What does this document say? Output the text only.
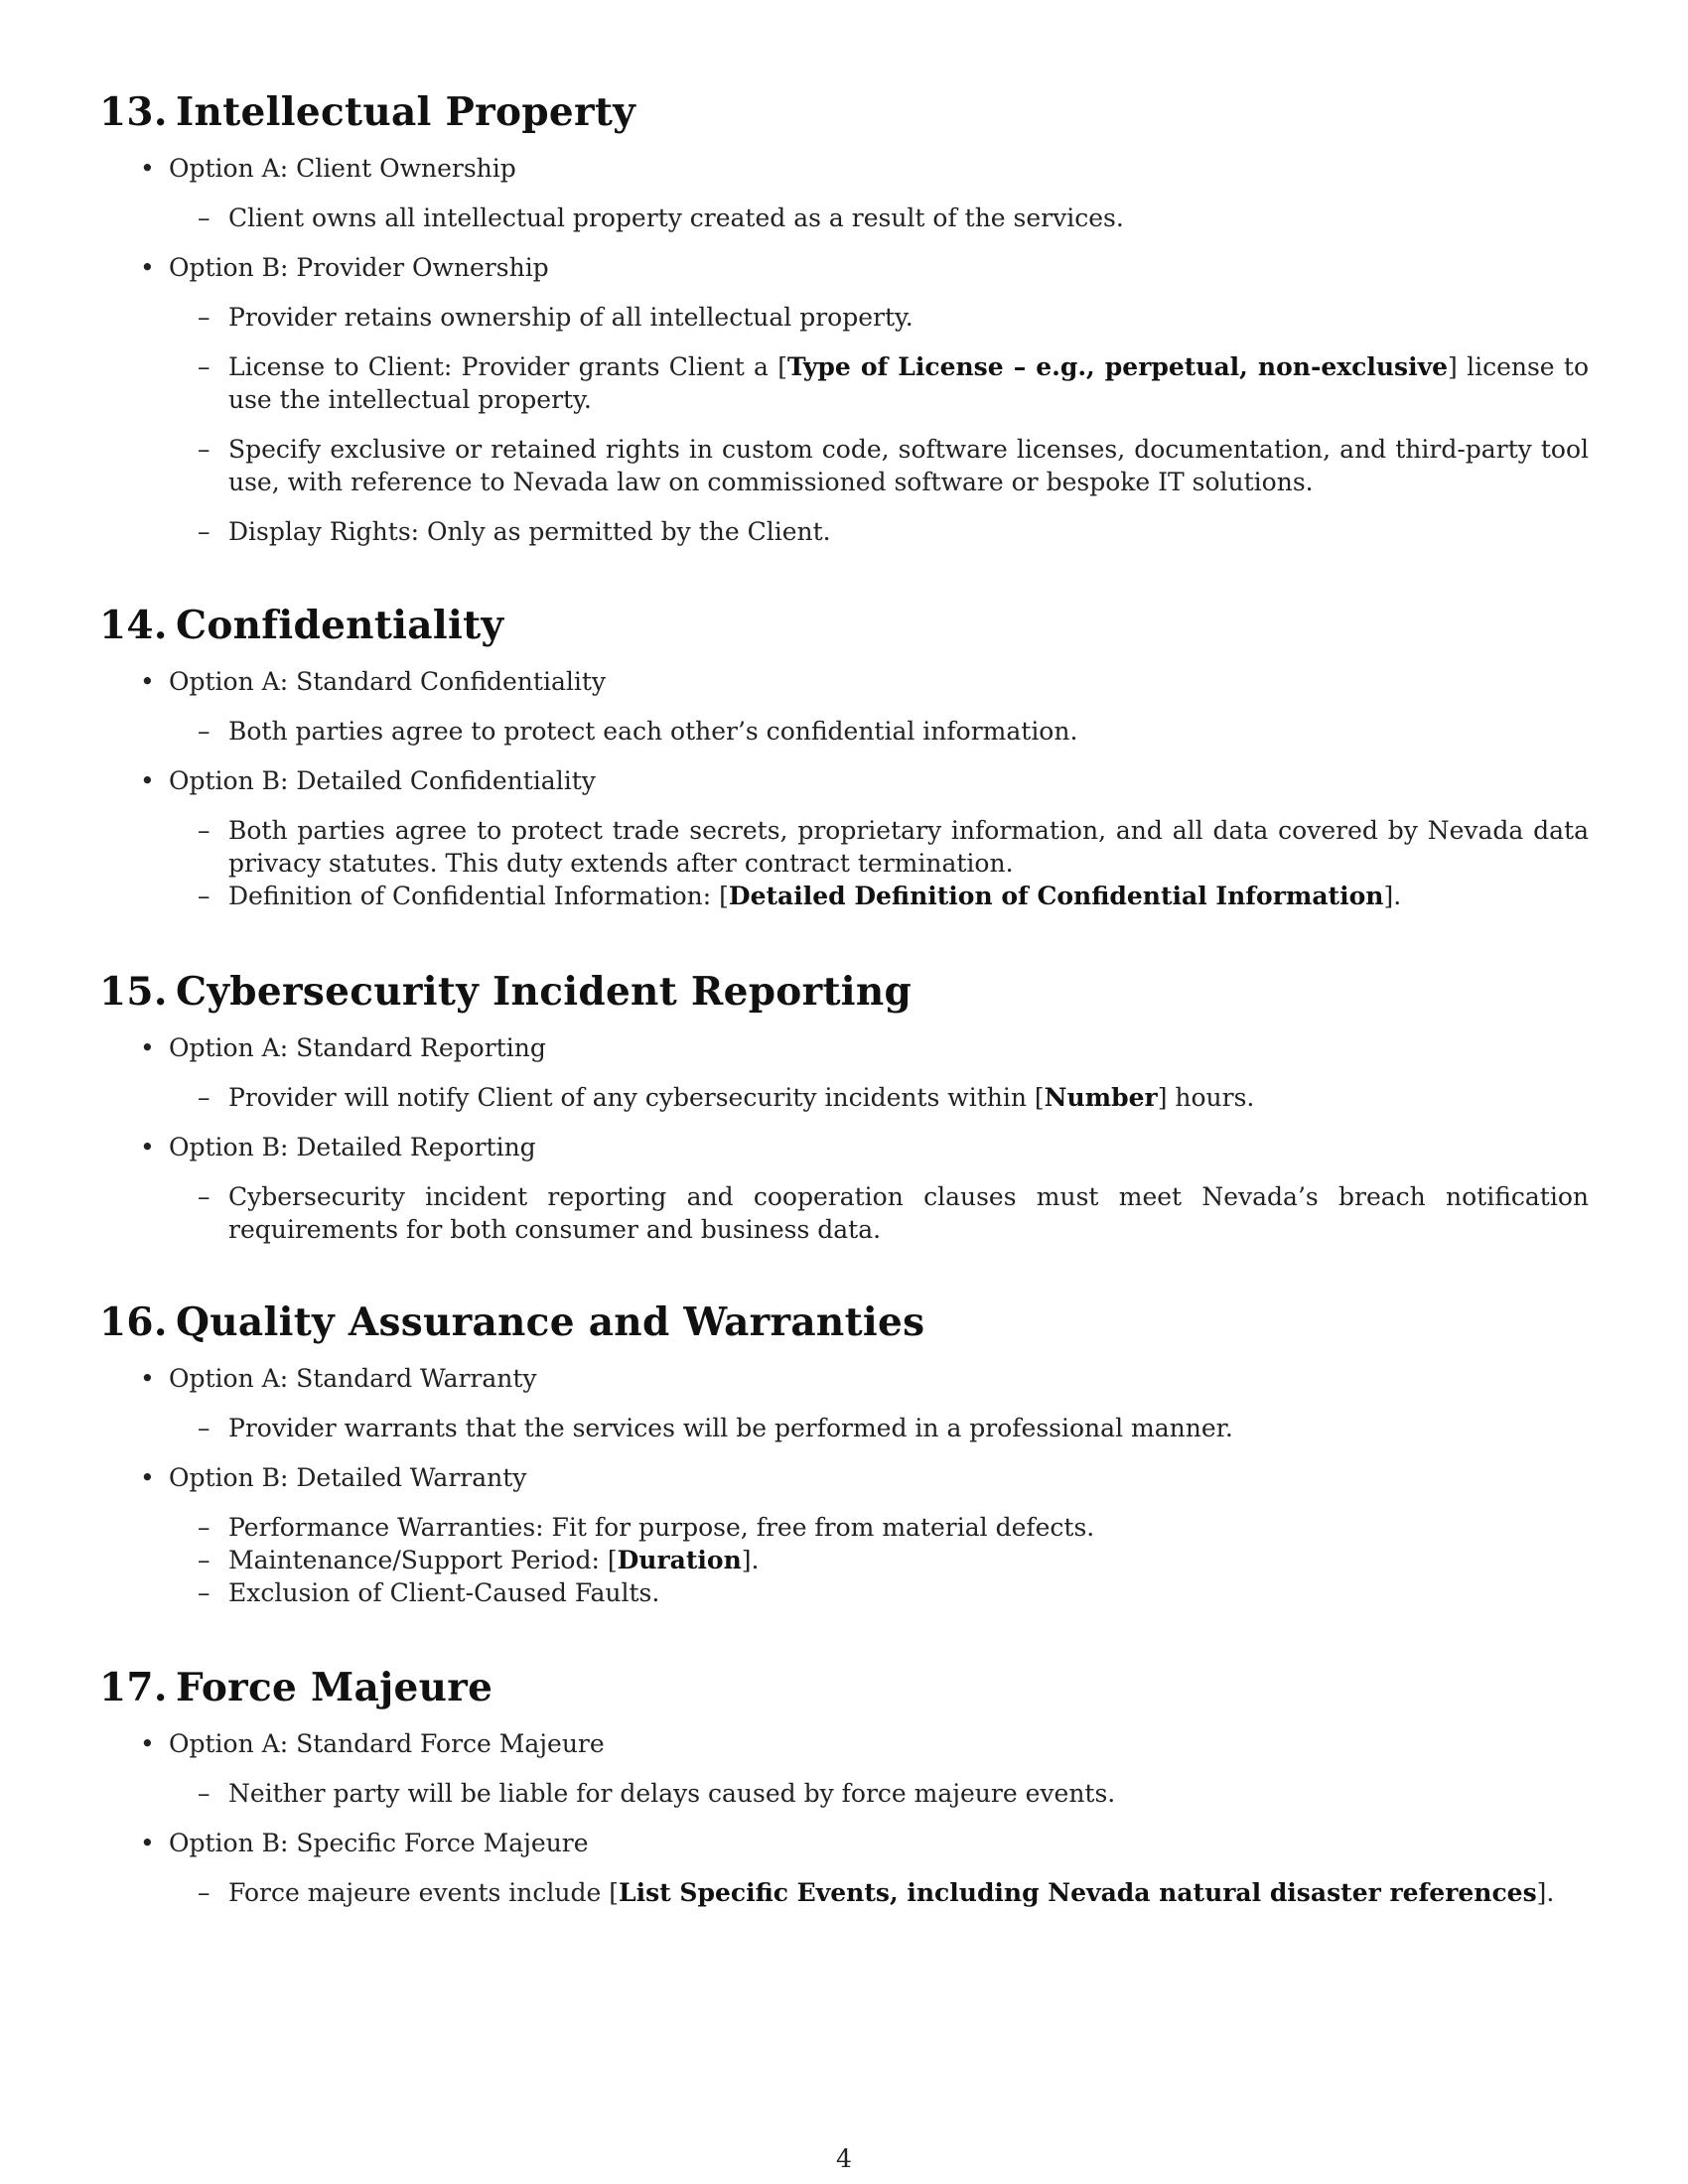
13. Intellectual Property
• Option A: Client Ownership
– Client owns all intellectual property created as a result of the services.
• Option B: Provider Ownership
– Provider retains ownership of all intellectual property.
– License to Client: Provider grants Client a [Type of License – e.g., perpetual, non-exclusive] license to use the intellectual property.
– Specify exclusive or retained rights in custom code, software licenses, documentation, and third-party tool use, with reference to Nevada law on commissioned software or bespoke IT solutions.
– Display Rights: Only as permitted by the Client.
14. Confidentiality
• Option A: Standard Confidentiality
– Both parties agree to protect each other’s confidential information.
• Option B: Detailed Confidentiality
– Both parties agree to protect trade secrets, proprietary information, and all data covered by Nevada data privacy statutes. This duty extends after contract termination.
– Definition of Confidential Information: [Detailed Definition of Confidential Information].
15. Cybersecurity Incident Reporting
• Option A: Standard Reporting
– Provider will notify Client of any cybersecurity incidents within [Number] hours.
• Option B: Detailed Reporting
– Cybersecurity incident reporting and cooperation clauses must meet Nevada’s breach notification requirements for both consumer and business data.
16. Quality Assurance and Warranties
• Option A: Standard Warranty
– Provider warrants that the services will be performed in a professional manner.
• Option B: Detailed Warranty
– Performance Warranties: Fit for purpose, free from material defects.
– Maintenance/Support Period: [Duration].
– Exclusion of Client-Caused Faults.
17. Force Majeure
• Option A: Standard Force Majeure
– Neither party will be liable for delays caused by force majeure events.
• Option B: Specific Force Majeure
– Force majeure events include [List Specific Events, including Nevada natural disaster references].
4
